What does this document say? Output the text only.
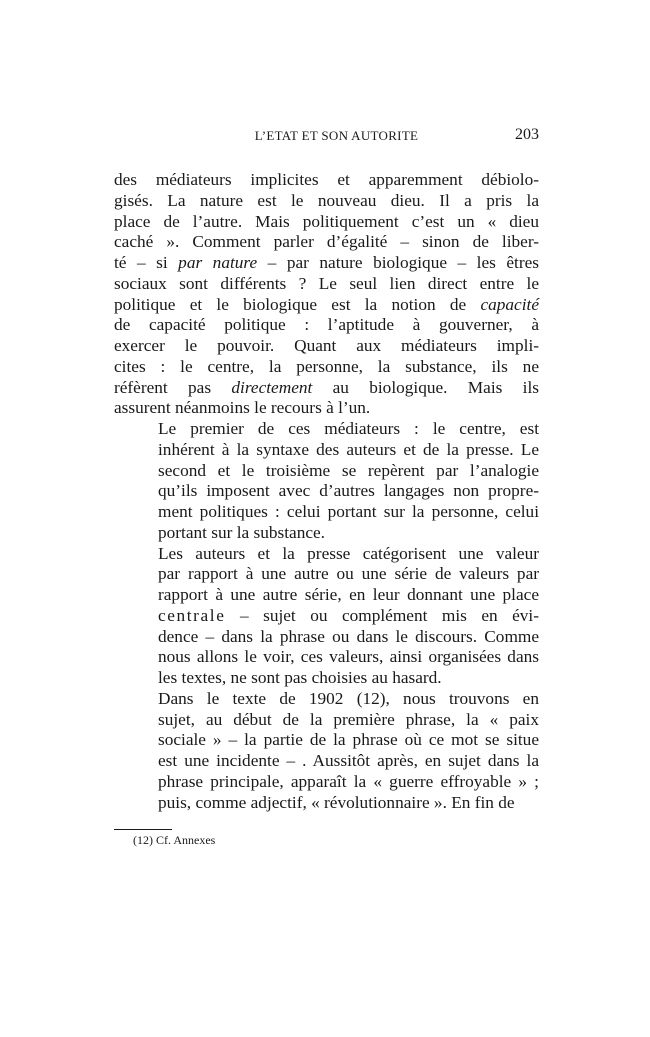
L’ETAT ET SON AUTORITE	203

des médiateurs implicites et apparemment débiolo-
gisés. La nature est le nouveau dieu. Il a pris la
place de l’autre. Mais politiquement c’est un « dieu
caché ». Comment parler d’égalité – sinon de liber-
té – si par nature – par nature biologique – les êtres
sociaux sont différents ? Le seul lien direct entre le
politique et le biologique est la notion de capacité
de capacité politique : l’aptitude à gouverner, à
exercer le pouvoir. Quant aux médiateurs impli-
cites : le centre, la personne, la substance, ils ne
réfèrent pas directement au biologique. Mais ils
assurent néanmoins le recours à l’un.

Le premier de ces médiateurs : le centre, est
inhérent à la syntaxe des auteurs et de la presse. Le
second et le troisième se repèrent par l’analogie
qu’ils imposent avec d’autres langages non propre-
ment politiques : celui portant sur la personne, celui
portant sur la substance.

Les auteurs et la presse catégorisent une valeur
par rapport à une autre ou une série de valeurs par
rapport à une autre série, en leur donnant une place
centrale – sujet ou complément mis en évi-
dence – dans la phrase ou dans le discours. Comme
nous allons le voir, ces valeurs, ainsi organisées dans
les textes, ne sont pas choisies au hasard.

Dans le texte de 1902 (12), nous trouvons en
sujet, au début de la première phrase, la « paix
sociale » – la partie de la phrase où ce mot se situe
est une incidente – . Aussitôt après, en sujet dans la
phrase principale, apparaît la « guerre effroyable » ;
puis, comme adjectif, « révolutionnaire ». En fin de

(12) Cf. Annexes
